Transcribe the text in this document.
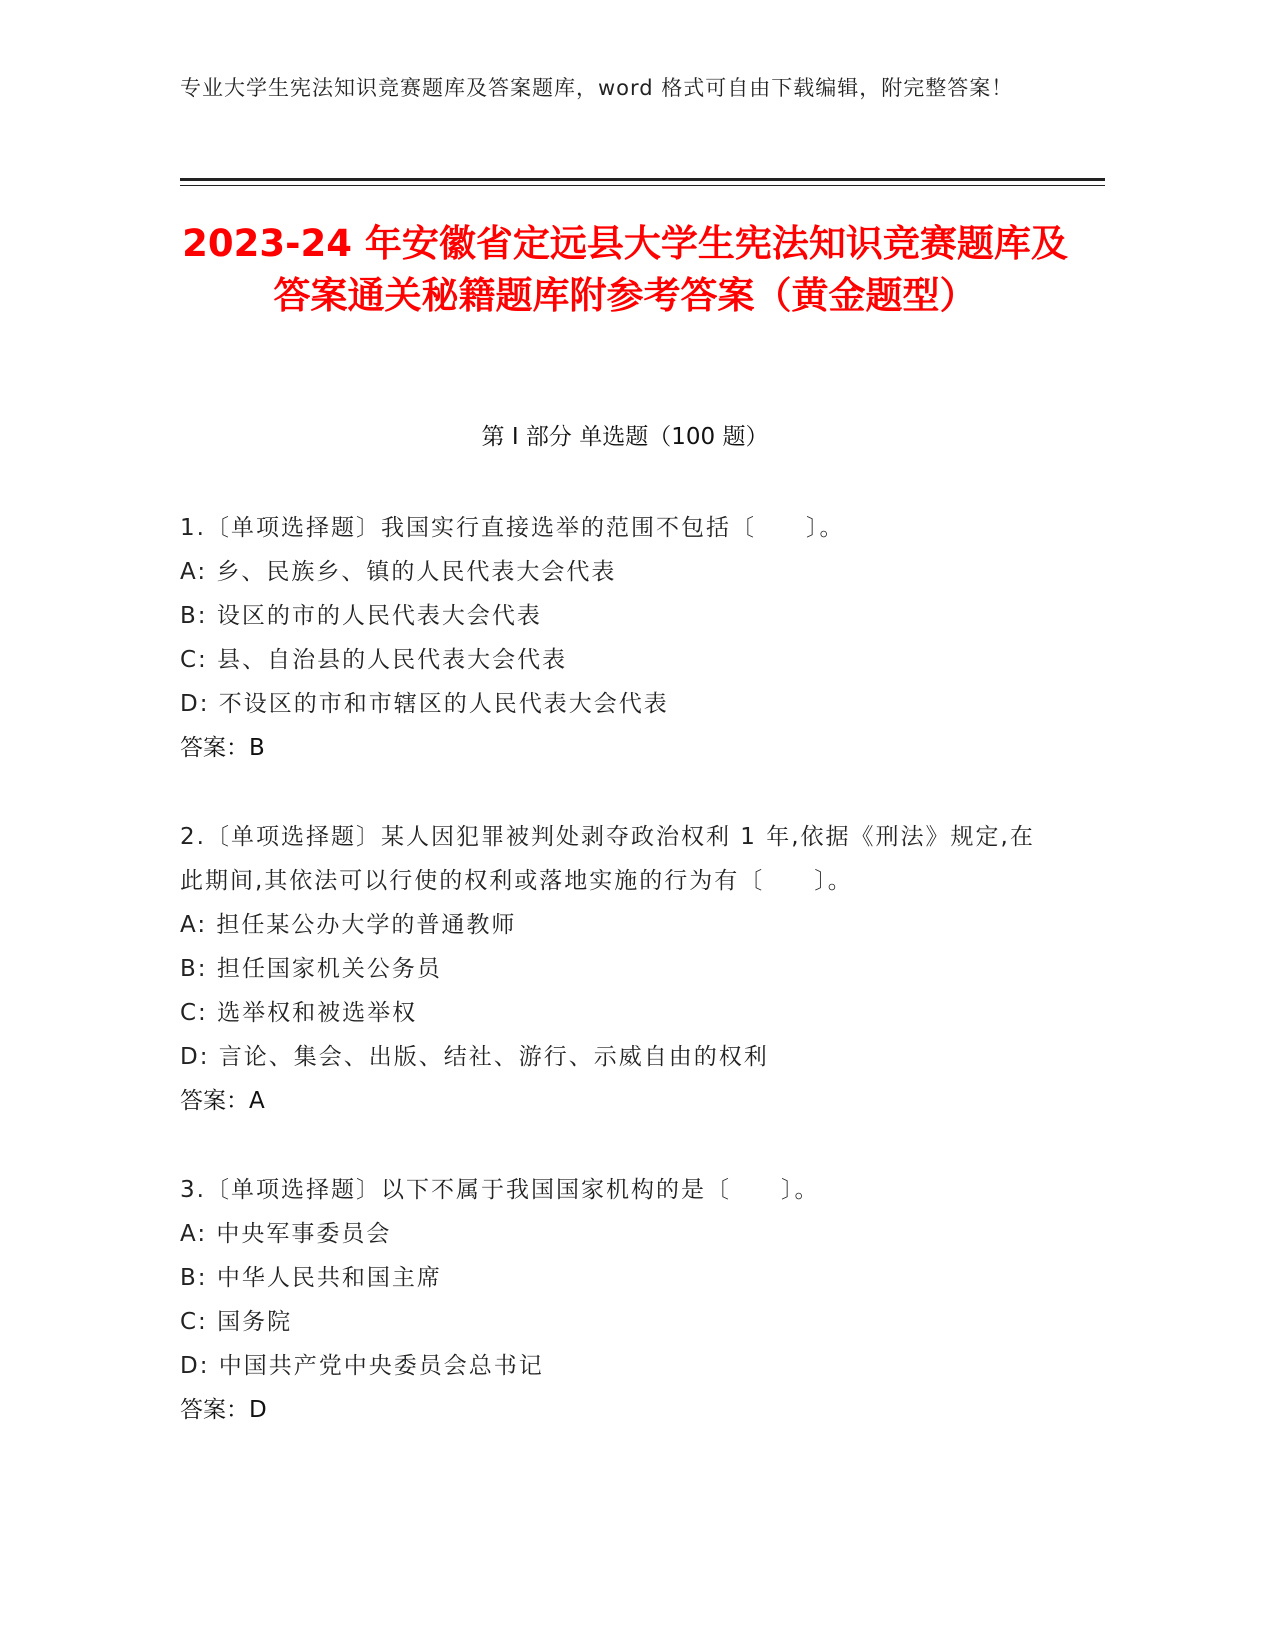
专业大学生宪法知识竞赛题库及答案题库，word 格式可自由下载编辑，附完整答案！
2023-24 年安徽省定远县大学生宪法知识竞赛题库及答案通关秘籍题库附参考答案（黄金题型）
第 I 部分 单选题（100 题）
1.〔单项选择题〕我国实行直接选举的范围不包括〔　　〕。
A: 乡、民族乡、镇的人民代表大会代表
B: 设区的市的人民代表大会代表
C: 县、自治县的人民代表大会代表
D: 不设区的市和市辖区的人民代表大会代表
答案：B
2.〔单项选择题〕某人因犯罪被判处剥夺政治权利 1 年,依据《刑法》规定,在此期间,其依法可以行使的权利或落地实施的行为有〔　　〕。
A: 担任某公办大学的普通教师
B: 担任国家机关公务员
C: 选举权和被选举权
D: 言论、集会、出版、结社、游行、示威自由的权利
答案：A
3.〔单项选择题〕以下不属于我国国家机构的是〔　　〕。
A: 中央军事委员会
B: 中华人民共和国主席
C: 国务院
D: 中国共产党中央委员会总书记
答案：D
